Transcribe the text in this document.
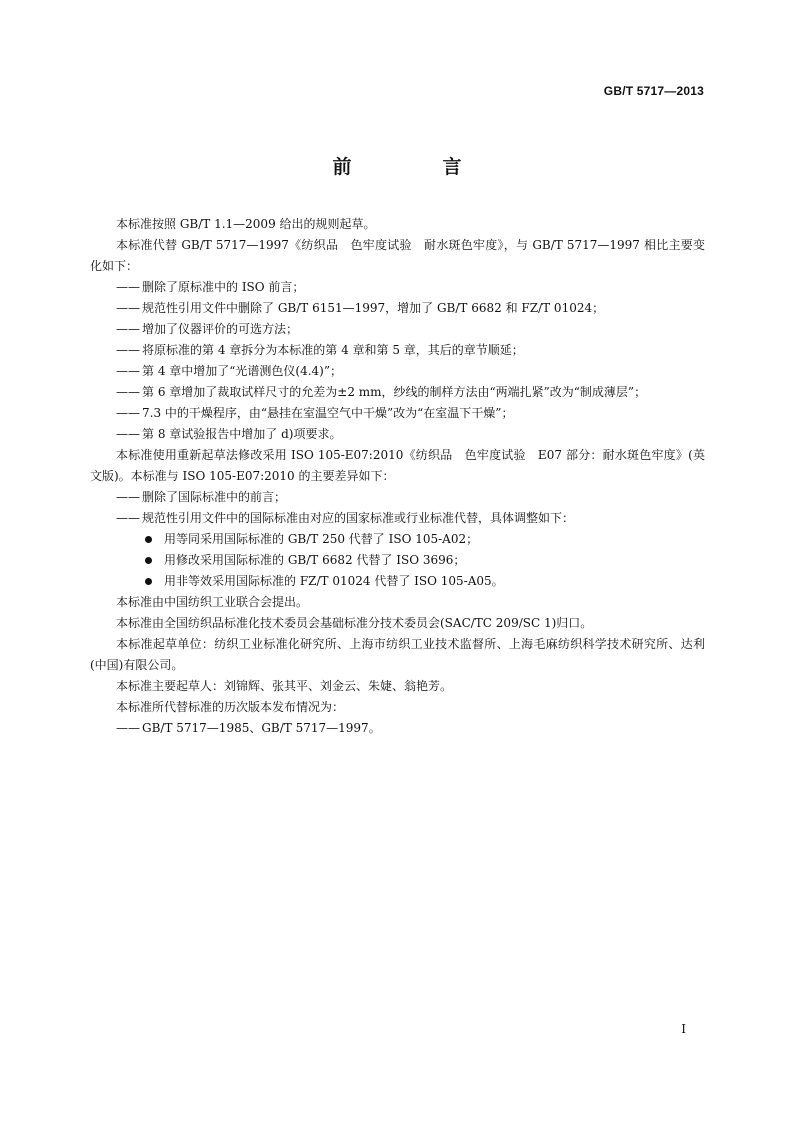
GB/T 5717—2013
前　言

本标准按照 GB/T 1.1—2009 给出的规则起草。

本标准代替 GB/T 5717—1997《纺织品　色牢度试验　耐水斑色牢度》，与 GB/T 5717—1997 相比主要变化如下：

—— 删除了原标准中的 ISO 前言；

—— 规范性引用文件中删除了 GB/T 6151—1997，增加了 GB/T 6682 和 FZ/T 01024；

—— 增加了仪器评价的可选方法；

—— 将原标准的第 4 章拆分为本标准的第 4 章和第 5 章，其后的章节顺延；

—— 第 4 章中增加了“光谱测色仪(4.4)”；

—— 第 6 章增加了裁取试样尺寸的允差为±2 mm，纱线的制样方法由“两端扎紧”改为“制成薄层”；

—— 7.3 中的干燥程序，由“悬挂在室温空气中干燥”改为“在室温下干燥”；

—— 第 8 章试验报告中增加了 d)项要求。

本标准使用重新起草法修改采用 ISO 105-E07:2010《纺织品　色牢度试验　E07 部分：耐水斑色牢度》(英文版)。本标准与 ISO 105-E07:2010 的主要差异如下：

—— 删除了国际标准中的前言；

—— 规范性引用文件中的国际标准由对应的国家标准或行业标准代替，具体调整如下：

用等同采用国际标准的 GB/T 250 代替了 ISO 105-A02；

用修改采用国际标准的 GB/T 6682 代替了 ISO 3696；

用非等效采用国际标准的 FZ/T 01024 代替了 ISO 105-A05。

本标准由中国纺织工业联合会提出。

本标准由全国纺织品标准化技术委员会基础标准分技术委员会(SAC/TC 209/SC 1)归口。

本标准起草单位：纺织工业标准化研究所、上海市纺织工业技术监督所、上海毛麻纺织科学技术研究所、达利(中国)有限公司。

本标准主要起草人：刘锦辉、张其平、刘金云、朱婕、翁艳芳。

本标准所代替标准的历次版本发布情况为：

—— GB/T 5717—1985、GB/T 5717—1997。

I
